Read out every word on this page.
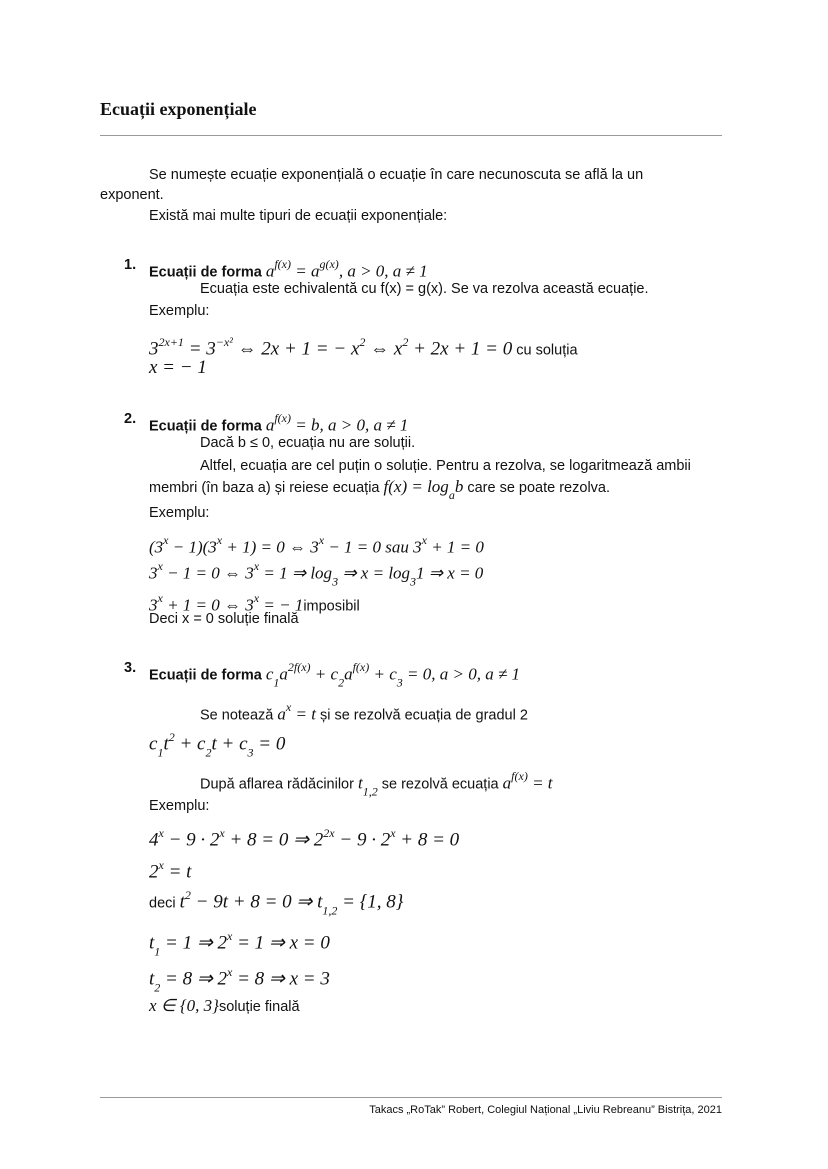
Ecuații exponențiale
Se numește ecuație exponențială o ecuație în care necunoscuta se află la un
exponent.
Există mai multe tipuri de ecuații exponențiale:
1. Ecuații de forma $a^{f(x)} = a^{g(x)}$, a > 0, a ≠ 1
Ecuația este echivalentă cu f(x) = g(x). Se va rezolva această ecuație.
Exemplu:
$3^{2x+1} = 3^{-x^2}$ ⇔ 2x + 1 = − $x^2$ ⇔ $x^2 + 2x + 1 = 0$ cu soluția
x = − 1
2. Ecuații de forma $a^{f(x)} = b$, a > 0, a ≠ 1
Dacă b ≤ 0, ecuația nu are soluții.
Altfel, ecuația are cel puțin o soluție. Pentru a rezolva, se logaritmează ambii
membri (în baza a) și reiese ecuația $f(x) = \log_ab$ care se poate rezolva.
Exemplu:
$(3^x - 1)(3^x + 1) = 0$ ⇔ $3^x - 1 = 0$ sau $3^x + 1 = 0$
$3^x - 1 = 0$ ⇔ $3^x = 1$ ⇒ $\log_3$ ⇒ $x = \log_31$ ⇒ x = 0
$3^x + 1 = 0$ ⇔ $3^x$ = − 1imposibil
Deci x = 0 soluție finală
3. Ecuații de forma $c_1a^{2f(x)} + c_2a^{f(x)} + c_3 = 0$, a > 0, a ≠ 1
Se notează $a^x = t$ și se rezolvă ecuația de gradul 2
$c_1t^2 + c_2t + c_3 = 0$
După aflarea rădăcinilor $t_{1,2}$ se rezolvă ecuația $a^{f(x)} = t$
Exemplu:
$4^x - 9 \cdot 2^x + 8 = 0$ ⇒ $2^{2x} - 9 \cdot 2^x + 8 = 0$
$2^x = t$
deci $t^2 - 9t + 8 = 0$ ⇒ $t_{1,2} = \{1$, 8}
$t_1 = 1$ ⇒ $2^x = 1$ ⇒ x = 0
$t_2 = 8$ ⇒ $2^x = 8$ ⇒ x = 3
x ∈ {0, 3}soluție finală
Takacs „RoTak” Robert, Colegiul Național „Liviu Rebreanu” Bistrița, 2021
